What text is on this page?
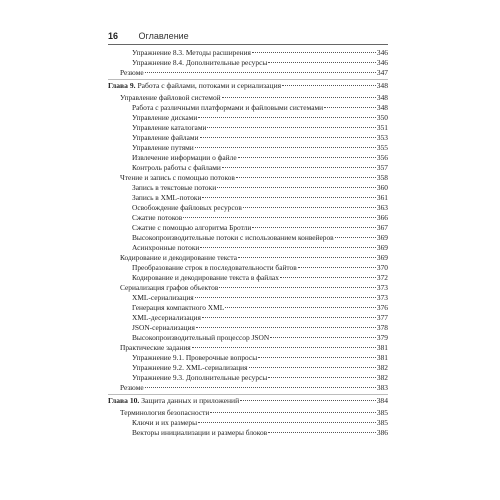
16 Оглавление
Упражнение 8.3. Методы расширения	346
Упражнение 8.4. Дополнительные ресурсы	346
Резюме	347
Глава 9. Работа с файлами, потоками и сериализация	348
Управление файловой системой	348
Работа с различными платформами и файловыми системами	348
Управление дисками	350
Управление каталогами	351
Управление файлами	353
Управление путями	355
Извлечение информации о файле	356
Контроль работы с файлами	357
Чтение и запись с помощью потоков	358
Запись в текстовые потоки	360
Запись в XML-потоки	361
Освобождение файловых ресурсов	363
Сжатие потоков	366
Сжатие с помощью алгоритма Бротли	367
Высокопроизводительные потоки с использованием конвейеров	369
Асинхронные потоки	369
Кодирование и декодирование текста	369
Преобразование строк в последовательности байтов	370
Кодирование и декодирование текста в файлах	372
Сериализация графов объектов	373
XML-сериализация	373
Генерация компактного XML	376
XML-десериализация	377
JSON-сериализация	378
Высокопроизводительный процессор JSON	379
Практические задания	381
Упражнение 9.1. Проверочные вопросы	381
Упражнение 9.2. XML-сериализация	382
Упражнение 9.3. Дополнительные ресурсы	382
Резюме	383
Глава 10. Защита данных и приложений	384
Терминология безопасности	385
Ключи и их размеры	385
Векторы инициализации и размеры блоков	386
